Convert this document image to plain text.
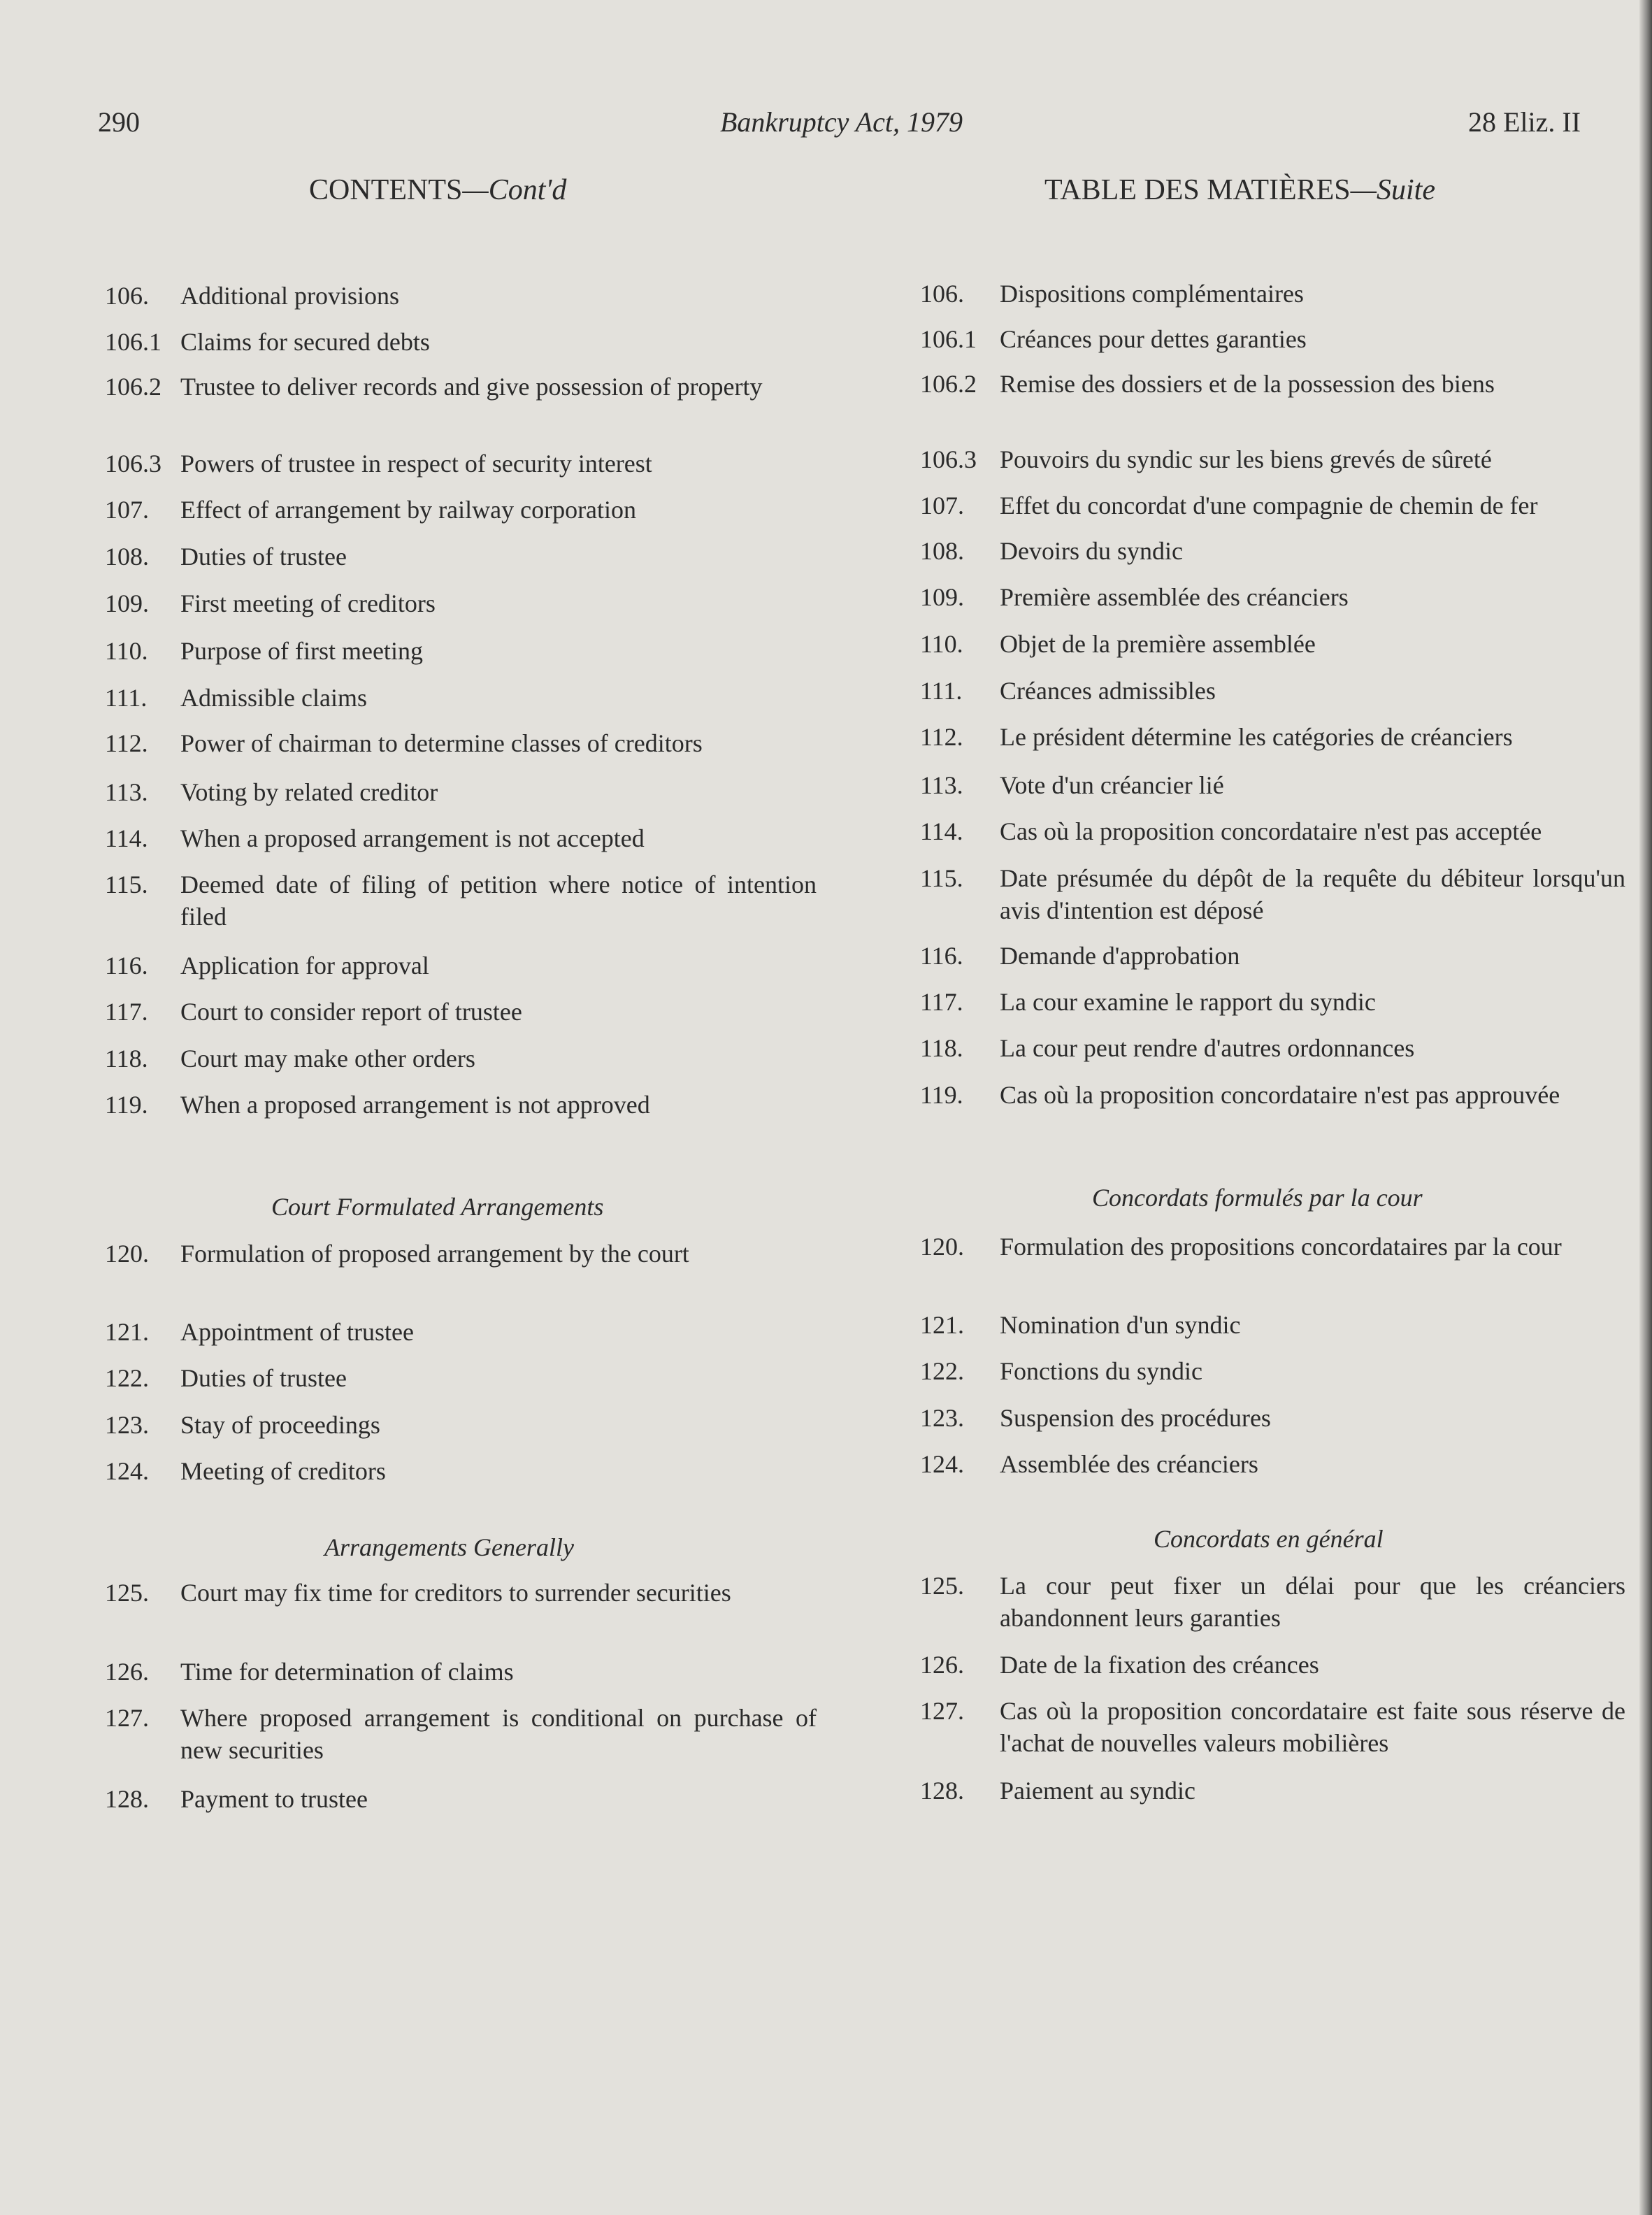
290	Bankruptcy Act, 1979	28 Eliz. II
CONTENTS—Cont'd	TABLE DES MATIÈRES—Suite
106. Additional provisions
106.1 Claims for secured debts
106.2 Trustee to deliver records and give possession of property
106.3 Powers of trustee in respect of security interest
107. Effect of arrangement by railway corporation
108. Duties of trustee
109. First meeting of creditors
110. Purpose of first meeting
111. Admissible claims
112. Power of chairman to determine classes of creditors
113. Voting by related creditor
114. When a proposed arrangement is not accepted
115. Deemed date of filing of petition where notice of intention filed
116. Application for approval
117. Court to consider report of trustee
118. Court may make other orders
119. When a proposed arrangement is not approved
Court Formulated Arrangements
120. Formulation of proposed arrangement by the court
121. Appointment of trustee
122. Duties of trustee
123. Stay of proceedings
124. Meeting of creditors
Arrangements Generally
125. Court may fix time for creditors to surrender securities
126. Time for determination of claims
127. Where proposed arrangement is conditional on purchase of new securities
128. Payment to trustee
106. Dispositions complémentaires
106.1 Créances pour dettes garanties
106.2 Remise des dossiers et de la possession des biens
106.3 Pouvoirs du syndic sur les biens grevés de sûreté
107. Effet du concordat d'une compagnie de chemin de fer
108. Devoirs du syndic
109. Première assemblée des créanciers
110. Objet de la première assemblée
111. Créances admissibles
112. Le président détermine les catégories de créanciers
113. Vote d'un créancier lié
114. Cas où la proposition concordataire n'est pas acceptée
115. Date présumée du dépôt de la requête du débiteur lorsqu'un avis d'intention est déposé
116. Demande d'approbation
117. La cour examine le rapport du syndic
118. La cour peut rendre d'autres ordonnances
119. Cas où la proposition concordataire n'est pas approuvée
Concordats formulés par la cour
120. Formulation des propositions concordataires par la cour
121. Nomination d'un syndic
122. Fonctions du syndic
123. Suspension des procédures
124. Assemblée des créanciers
Concordats en général
125. La cour peut fixer un délai pour que les créanciers abandonnent leurs garanties
126. Date de la fixation des créances
127. Cas où la proposition concordataire est faite sous réserve de l'achat de nouvelles valeurs mobilières
128. Paiement au syndic
